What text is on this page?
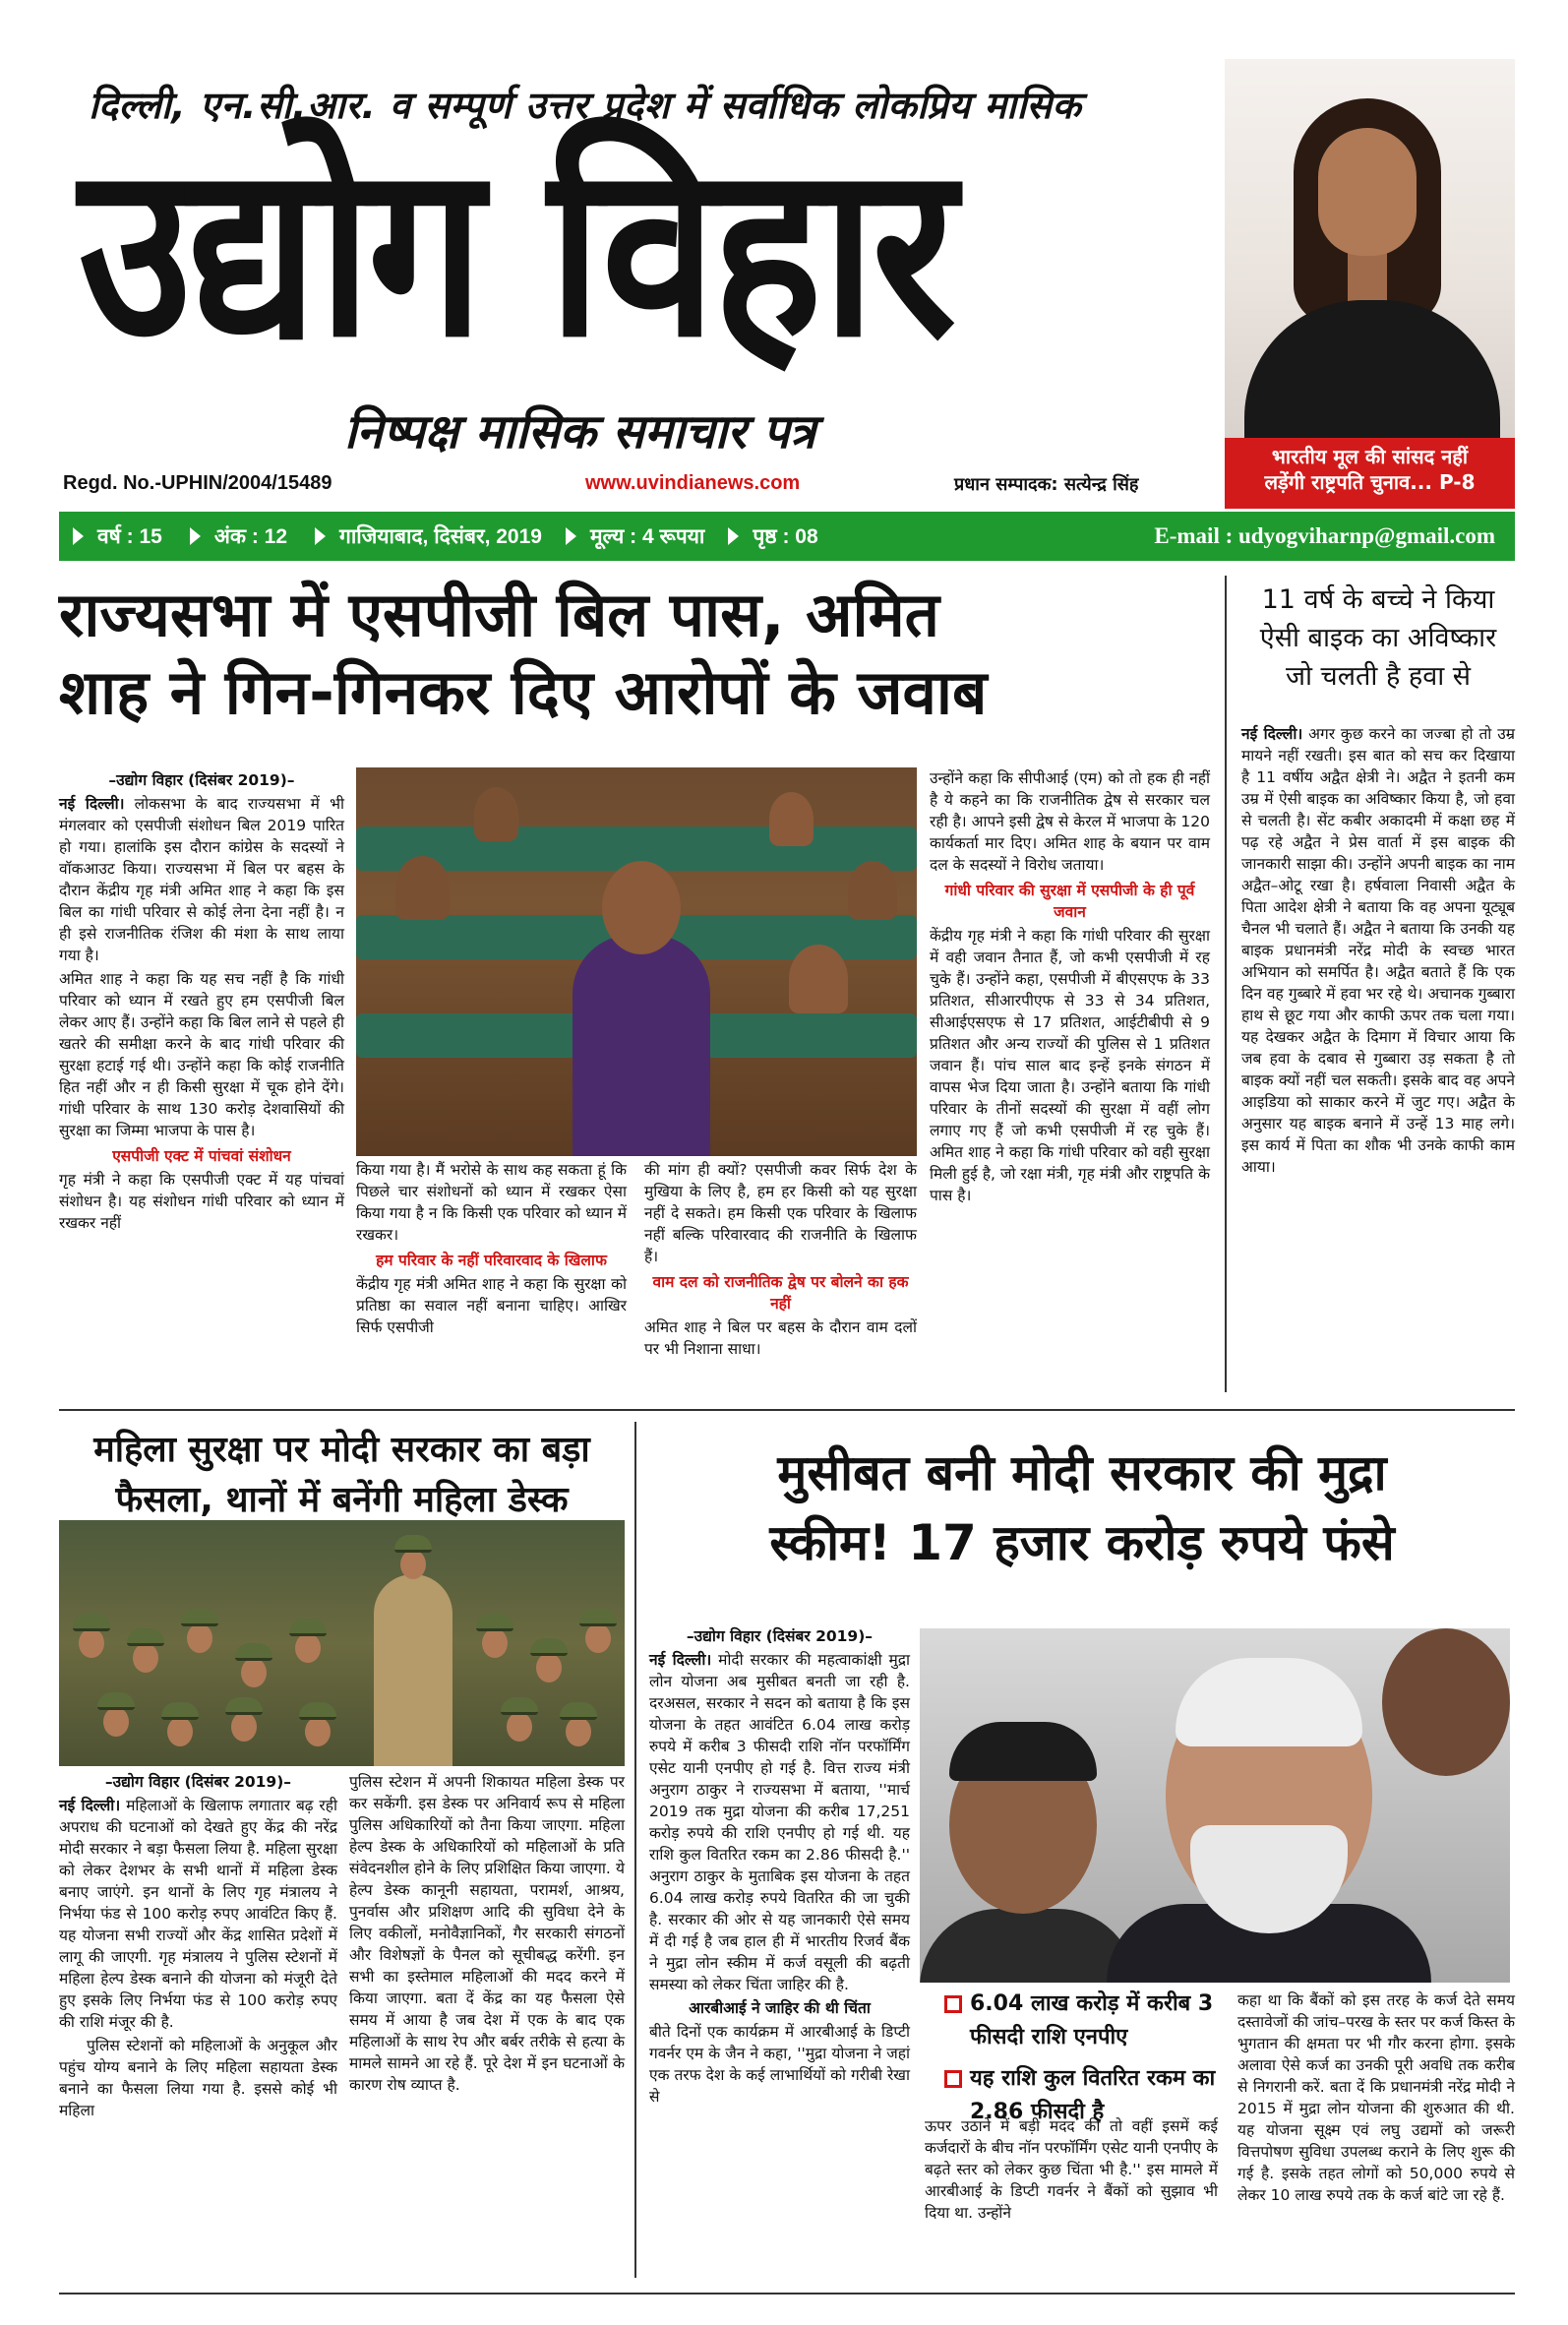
दिल्ली, एन.सी.आर. व सम्पूर्ण उत्तर प्रदेश में सर्वाधिक लोकप्रिय मासिक
उद्योग विहार
निष्पक्ष मासिक समाचार पत्र
Regd. No.-UPHIN/2004/15489	www.uvindianews.com	प्रधान सम्पादक: सत्येन्द्र सिंह
भारतीय मूल की सांसद नहीं
लड़ेंगी राष्ट्रपति चुनाव... P-8
वर्ष : 15	अंक : 12	गाजियाबाद, दिसंबर, 2019 मूल्य : 4 रूपया पृष्ठ : 08	E-mail : udyogviharnp@gmail.com
राज्यसभा में एसपीजी बिल पास, अमित
शाह ने गिन-गिनकर दिए आरोपों के जवाब

–उद्योग विहार (दिसंबर 2019)–

नई दिल्ली। लोकसभा के बाद राज्यसभा में भी मंगलवार को एसपीजी संशोधन बिल 2019 पारित हो गया। हालांकि इस दौरान कांग्रेस के सदस्यों ने वॉकआउट किया। राज्यसभा में बिल पर बहस के दौरान केंद्रीय गृह मंत्री अमित शाह ने कहा कि इस बिल का गांधी परिवार से कोई लेना देना नहीं है। न ही इसे राजनीतिक रंजिश की मंशा के साथ लाया गया है।

अमित शाह ने कहा कि यह सच नहीं है कि गांधी परिवार को ध्यान में रखते हुए हम एसपीजी बिल लेकर आए हैं। उन्होंने कहा कि बिल लाने से पहले ही खतरे की समीक्षा करने के बाद गांधी परिवार की सुरक्षा हटाई गई थी। उन्होंने कहा कि कोई राजनीति हित नहीं और न ही किसी सुरक्षा में चूक होने देंगे। गांधी परिवार के साथ 130 करोड़ देशवासियों की सुरक्षा का जिम्मा भाजपा के पास है।

एसपीजी एक्ट में पांचवां संशोधन

गृह मंत्री ने कहा कि एसपीजी एक्ट में यह पांचवां संशोधन है। यह संशोधन गांधी परिवार को ध्यान में रखकर नहीं

किया गया है। मैं भरोसे के साथ कह सकता हूं कि पिछले चार संशोधनों को ध्यान में रखकर ऐसा किया गया है न कि किसी एक परिवार को ध्यान में रखकर।

हम परिवार के नहीं परिवारवाद के खिलाफ

केंद्रीय गृह मंत्री अमित शाह ने कहा कि सुरक्षा को प्रतिष्ठा का सवाल नहीं बनाना चाहिए। आखिर सिर्फ एसपीजी

की मांग ही क्यों? एसपीजी कवर सिर्फ देश के मुखिया के लिए है, हम हर किसी को यह सुरक्षा नहीं दे सकते। हम किसी एक परिवार के खिलाफ नहीं बल्कि परिवारवाद की राजनीति के खिलाफ हैं।

वाम दल को राजनीतिक द्वेष पर बोलने का हक नहीं

अमित शाह ने बिल पर बहस के दौरान वाम दलों पर भी निशाना साधा।

उन्होंने कहा कि सीपीआई (एम) को तो हक ही नहीं है ये कहने का कि राजनीतिक द्वेष से सरकार चल रही है। आपने इसी द्वेष से केरल में भाजपा के 120 कार्यकर्ता मार दिए। अमित शाह के बयान पर वाम दल के सदस्यों ने विरोध जताया।

गांधी परिवार की सुरक्षा में एसपीजी के ही पूर्व जवान

केंद्रीय गृह मंत्री ने कहा कि गांधी परिवार की सुरक्षा में वही जवान तैनात हैं, जो कभी एसपीजी में रह चुके हैं। उन्होंने कहा, एसपीजी में बीएसएफ के 33 प्रतिशत, सीआरपीएफ से 33 से 34 प्रतिशत, सीआईएसएफ से 17 प्रतिशत, आईटीबीपी से 9 प्रतिशत और अन्य राज्यों की पुलिस से 1 प्रतिशत जवान हैं। पांच साल बाद इन्हें इनके संगठन में वापस भेज दिया जाता है। उन्होंने बताया कि गांधी परिवार के तीनों सदस्यों की सुरक्षा में वहीं लोग लगाए गए हैं जो कभी एसपीजी में रह चुके हैं। अमित शाह ने कहा कि गांधी परिवार को वही सुरक्षा मिली हुई है, जो रक्षा मंत्री, गृह मंत्री और राष्ट्रपति के पास है।

11 वर्ष के बच्चे ने किया
ऐसी बाइक का अविष्कार
जो चलती है हवा से

नई दिल्ली। अगर कुछ करने का जज्बा हो तो उम्र मायने नहीं रखती। इस बात को सच कर दिखाया है 11 वर्षीय अद्वैत क्षेत्री ने। अद्वैत ने इतनी कम उम्र में ऐसी बाइक का अविष्कार किया है, जो हवा से चलती है। सेंट कबीर अकादमी में कक्षा छह में पढ़ रहे अद्वैत ने प्रेस वार्ता में इस बाइक की जानकारी साझा की। उन्होंने अपनी बाइक का नाम अद्वैत–ओटू रखा है। हर्षवाला निवासी अद्वैत के पिता आदेश क्षेत्री ने बताया कि वह अपना यूट्यूब चैनल भी चलाते हैं। अद्वैत ने बताया कि उनकी यह बाइक प्रधानमंत्री नरेंद्र मोदी के स्वच्छ भारत अभियान को समर्पित है। अद्वैत बताते हैं कि एक दिन वह गुब्बारे में हवा भर रहे थे। अचानक गुब्बारा हाथ से छूट गया और काफी ऊपर तक चला गया। यह देखकर अद्वैत के दिमाग में विचार आया कि जब हवा के दबाव से गुब्बारा उड़ सकता है तो बाइक क्यों नहीं चल सकती। इसके बाद वह अपने आइडिया को साकार करने में जुट गए। अद्वैत के अनुसार यह बाइक बनाने में उन्हें 13 माह लगे। इस कार्य में पिता का शौक भी उनके काफी काम आया।

महिला सुरक्षा पर मोदी सरकार का बड़ा
फैसला, थानों में बनेंगी महिला डेस्क

–उद्योग विहार (दिसंबर 2019)–

नई दिल्ली। महिलाओं के खिलाफ लगातार बढ़ रही अपराध की घटनाओं को देखते हुए केंद्र की नरेंद्र मोदी सरकार ने बड़ा फैसला लिया है. महिला सुरक्षा को लेकर देशभर के सभी थानों में महिला डेस्क बनाए जाएंगे. इन थानों के लिए गृह मंत्रालय ने निर्भया फंड से 100 करोड़ रुपए आवंटित किए हैं. यह योजना सभी राज्यों और केंद्र शासित प्रदेशों में लागू की जाएगी. गृह मंत्रालय ने पुलिस स्टेशनों में महिला हेल्प डेस्क बनाने की योजना को मंजूरी देते हुए इसके लिए निर्भया फंड से 100 करोड़ रुपए की राशि मंजूर की है.

पुलिस स्टेशनों को महिलाओं के अनुकूल और पहुंच योग्य बनाने के लिए महिला सहायता डेस्क बनाने का फैसला लिया गया है. इससे कोई भी महिला

पुलिस स्टेशन में अपनी शिकायत महिला डेस्क पर कर सकेंगी. इस डेस्क पर अनिवार्य रूप से महिला पुलिस अधिकारियों को तैना किया जाएगा. महिला हेल्प डेस्क के अधिकारियों को महिलाओं के प्रति संवेदनशील होने के लिए प्रशिक्षित किया जाएगा. ये हेल्प डेस्क कानूनी सहायता, परामर्श, आश्रय, पुनर्वास और प्रशिक्षण आदि की सुविधा देने के लिए वकीलों, मनोवैज्ञानिकों, गैर सरकारी संगठनों और विशेषज्ञों के पैनल को सूचीबद्ध करेंगी. इन सभी का इस्तेमाल महिलाओं की मदद करने में किया जाएगा. बता दें केंद्र का यह फैसला ऐसे समय में आया है जब देश में एक के बाद एक महिलाओं के साथ रेप और बर्बर तरीके से हत्या के मामले सामने आ रहे हैं. पूरे देश में इन घटनाओं के कारण रोष व्याप्त है.

मुसीबत बनी मोदी सरकार की मुद्रा
स्कीम! 17 हजार करोड़ रुपये फंसे

–उद्योग विहार (दिसंबर 2019)–

नई दिल्ली। मोदी सरकार की महत्वाकांक्षी मुद्रा लोन योजना अब मुसीबत बनती जा रही है. दरअसल, सरकार ने सदन को बताया है कि इस योजना के तहत आवंटित 6.04 लाख करोड़ रुपये में करीब 3 फीसदी राशि नॉन परफॉर्मिंग एसेट यानी एनपीए हो गई है. वित्त राज्य मंत्री अनुराग ठाकुर ने राज्यसभा में बताया, ''मार्च 2019 तक मुद्रा योजना की करीब 17,251 करोड़ रुपये की राशि एनपीए हो गई थी. यह राशि कुल वितरित रकम का 2.86 फीसदी है.'' अनुराग ठाकुर के मुताबिक इस योजना के तहत 6.04 लाख करोड़ रुपये वितरित की जा चुकी है. सरकार की ओर से यह जानकारी ऐसे समय में दी गई है जब हाल ही में भारतीय रिजर्व बैंक ने मुद्रा लोन स्कीम में कर्ज वसूली की बढ़ती समस्या को लेकर चिंता जाहिर की है.

आरबीआई ने जाहिर की थी चिंता

बीते दिनों एक कार्यक्रम में आरबीआई के डिप्टी गवर्नर एम के जैन ने कहा, ''मुद्रा योजना ने जहां एक तरफ देश के कई लाभार्थियों को गरीबी रेखा से

6.04 लाख करोड़ में करीब 3 फीसदी राशि एनपीए
यह राशि कुल वितरित रकम का 2.86 फीसदी है

ऊपर उठाने में बड़ी मदद की तो वहीं इसमें कई कर्जदारों के बीच नॉन परफॉर्मिंग एसेट यानी एनपीए के बढ़ते स्तर को लेकर कुछ चिंता भी है.'' इस मामले में आरबीआई के डिप्टी गवर्नर ने बैंकों को सुझाव भी दिया था. उन्होंने

कहा था कि बैंकों को इस तरह के कर्ज देते समय दस्तावेजों की जांच–परख के स्तर पर कर्ज किस्त के भुगतान की क्षमता पर भी गौर करना होगा. इसके अलावा ऐसे कर्ज का उनकी पूरी अवधि तक करीब से निगरानी करें. बता दें कि प्रधानमंत्री नरेंद्र मोदी ने 2015 में मुद्रा लोन योजना की शुरुआत की थी. यह योजना सूक्ष्म एवं लघु उद्यमों को जरूरी वित्तपोषण सुविधा उपलब्ध कराने के लिए शुरू की गई है. इसके तहत लोगों को 50,000 रुपये से लेकर 10 लाख रुपये तक के कर्ज बांटे जा रहे हैं.
